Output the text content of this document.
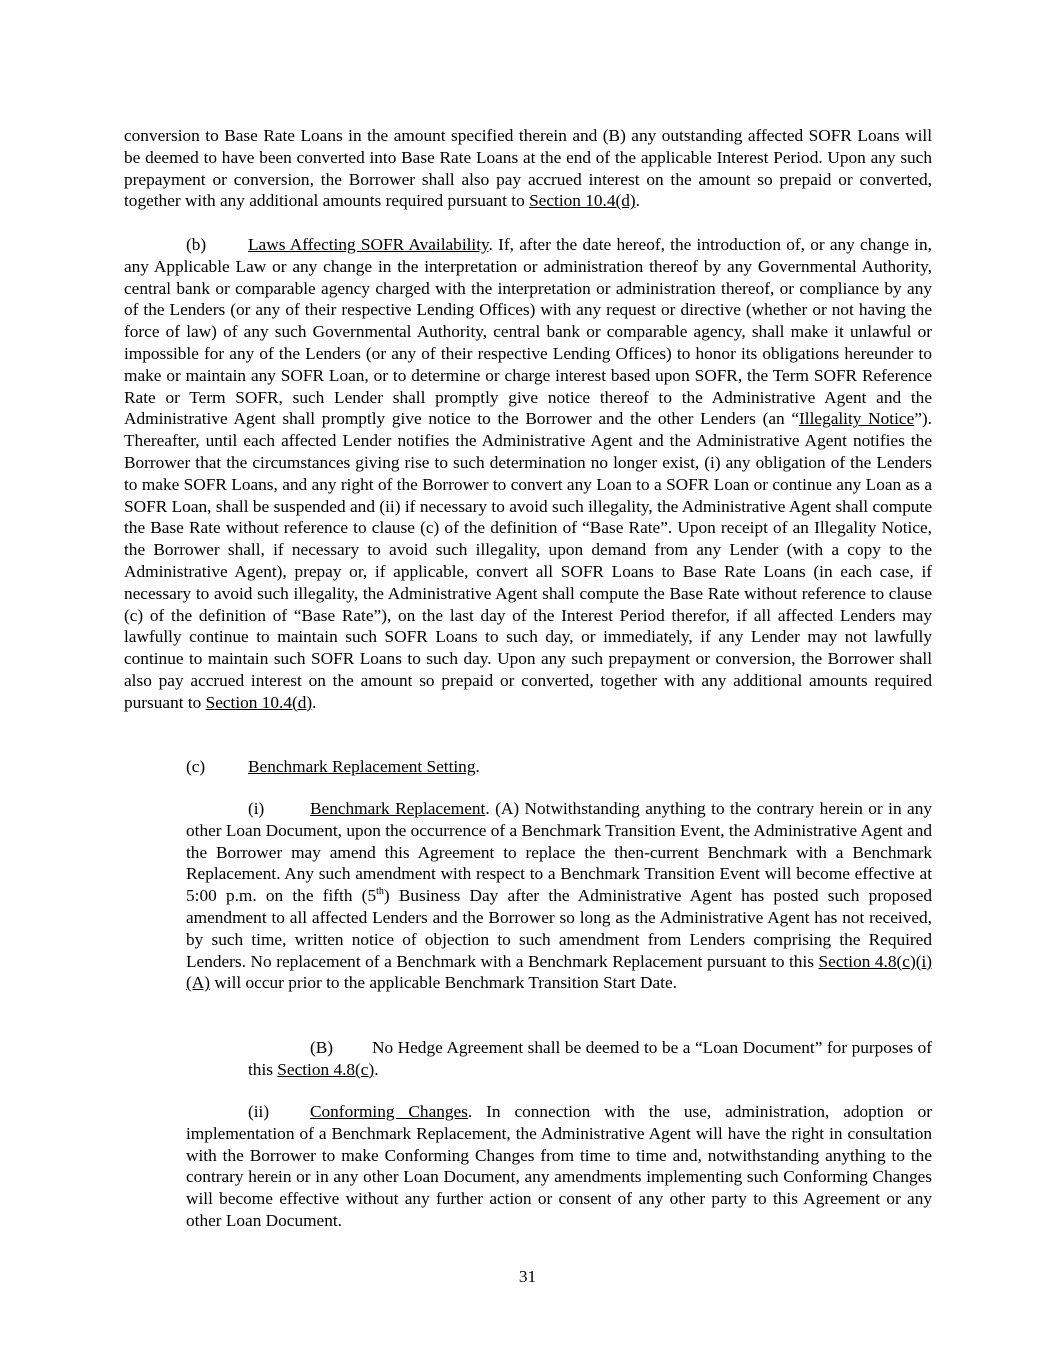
conversion to Base Rate Loans in the amount specified therein and (B) any outstanding affected SOFR Loans will be deemed to have been converted into Base Rate Loans at the end of the applicable Interest Period. Upon any such prepayment or conversion, the Borrower shall also pay accrued interest on the amount so prepaid or converted, together with any additional amounts required pursuant to Section 10.4(d).

(b) Laws Affecting SOFR Availability. If, after the date hereof, the introduction of, or any change in, any Applicable Law or any change in the interpretation or administration thereof by any Governmental Authority, central bank or comparable agency charged with the interpretation or administration thereof, or compliance by any of the Lenders (or any of their respective Lending Offices) with any request or directive (whether or not having the force of law) of any such Governmental Authority, central bank or comparable agency, shall make it unlawful or impossible for any of the Lenders (or any of their respective Lending Offices) to honor its obligations hereunder to make or maintain any SOFR Loan, or to determine or charge interest based upon SOFR, the Term SOFR Reference Rate or Term SOFR, such Lender shall promptly give notice thereof to the Administrative Agent and the Administrative Agent shall promptly give notice to the Borrower and the other Lenders (an “Illegality Notice”). Thereafter, until each affected Lender notifies the Administrative Agent and the Administrative Agent notifies the Borrower that the circumstances giving rise to such determination no longer exist, (i) any obligation of the Lenders to make SOFR Loans, and any right of the Borrower to convert any Loan to a SOFR Loan or continue any Loan as a SOFR Loan, shall be suspended and (ii) if necessary to avoid such illegality, the Administrative Agent shall compute the Base Rate without reference to clause (c) of the definition of “Base Rate”. Upon receipt of an Illegality Notice, the Borrower shall, if necessary to avoid such illegality, upon demand from any Lender (with a copy to the Administrative Agent), prepay or, if applicable, convert all SOFR Loans to Base Rate Loans (in each case, if necessary to avoid such illegality, the Administrative Agent shall compute the Base Rate without reference to clause (c) of the definition of “Base Rate”), on the last day of the Interest Period therefor, if all affected Lenders may lawfully continue to maintain such SOFR Loans to such day, or immediately, if any Lender may not lawfully continue to maintain such SOFR Loans to such day. Upon any such prepayment or conversion, the Borrower shall also pay accrued interest on the amount so prepaid or converted, together with any additional amounts required pursuant to Section 10.4(d).

(c) Benchmark Replacement Setting.

(i)	Benchmark Replacement. (A) Notwithstanding anything to the contrary herein or in any other Loan Document, upon the occurrence of a Benchmark Transition Event, the Administrative Agent and the Borrower may amend this Agreement to replace the then-current Benchmark with a Benchmark Replacement. Any such amendment with respect to a Benchmark Transition Event will become effective at 5:00 p.m. on the fifth (5th) Business Day after the Administrative Agent has posted such proposed amendment to all affected Lenders and the Borrower so long as the Administrative Agent has not received, by such time, written notice of objection to such amendment from Lenders comprising the Required Lenders. No replacement of a Benchmark with a Benchmark Replacement pursuant to this Section 4.8(c)(i)(A) will occur prior to the applicable Benchmark Transition Start Date.

(B) No Hedge Agreement shall be deemed to be a “Loan Document” for purposes of this Section 4.8(c).

(ii) Conforming Changes. In connection with the use, administration, adoption or implementation of a Benchmark Replacement, the Administrative Agent will have the right in consultation with the Borrower to make Conforming Changes from time to time and, notwithstanding anything to the contrary herein or in any other Loan Document, any amendments implementing such Conforming Changes will become effective without any further action or consent of any other party to this Agreement or any other Loan Document.

31
